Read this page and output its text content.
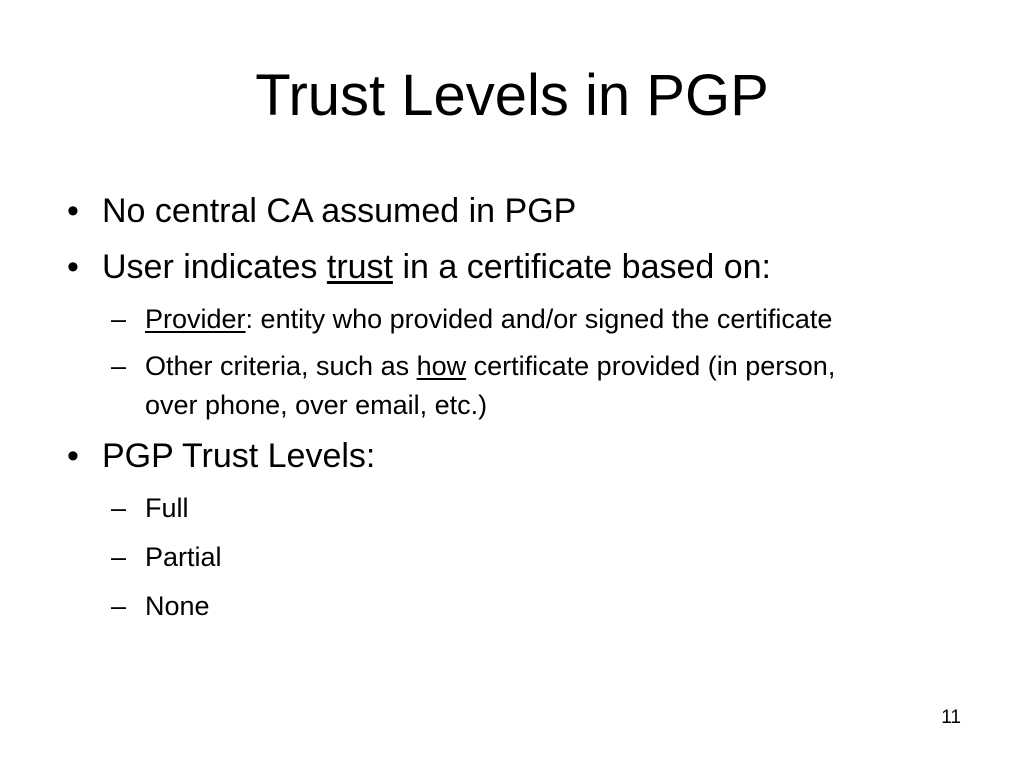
Trust Levels in PGP
• No central CA assumed in PGP
• User indicates trust in a certificate based on:
– Provider: entity who provided and/or signed the certificate
– Other criteria, such as how certificate provided (in person, over phone, over email, etc.)
• PGP Trust Levels:
– Full
– Partial
– None
11
